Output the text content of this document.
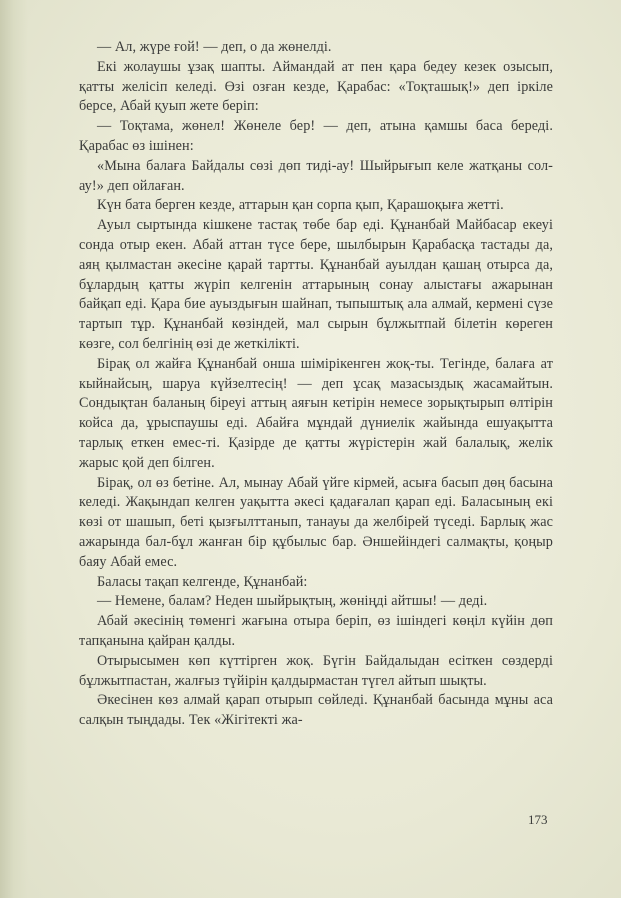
— Ал, жүре ғой! — деп, о да жөнелді.

Екі жолаушы ұзақ шапты. Аймандай ат пен қара бедеу кезек озысып, қатты желісіп келеді. Өзі озған кезде, Қарабас: «Тоқташық!» деп іркіле берсе, Абай қуып жете беріп:

— Тоқтама, жөнел! Жөнеле бер! — деп, атына қамшы баса береді. Қарабас өз ішінен:

«Мына балаға Байдалы сөзі дөп тиді-ау! Шыйрығып келе жатқаны сол-ау!» деп ойлаған.

Күн бата берген кезде, аттарын қан сорпа қып, Қарашоқыға жетті.

Ауыл сыртында кішкене тастақ төбе бар еді. Құнанбай Майбасар екеуі сонда отыр екен. Абай аттан түсе бере, шылбырын Қарабасқа тастады да, аяң қылмастан әкесіне қарай тартты. Құнанбай ауылдан қашаң отырса да, бұлардың қатты жүріп келгенін аттарының сонау алыстағы ажарынан байқап еді. Қара бие ауыздығын шайнап, тыпыштық ала алмай, кермені сүзе тартып тұр. Құнанбай көзіндей, мал сырын бұлжытпай білетін көреген көзге, сол белгінің өзі де жеткілікті.

Бірақ ол жайға Құнанбай онша шімірікенген жоқ-ты. Тегінде, балаға ат кыйнайсың, шаруа күйзелтесің! — деп ұсақ мазасыздық жасамайтын. Сондықтан баланың біреуі аттың аяғын кетірін немесе зорықтырып өлтірін койса да, ұрыспаушы еді. Абайға мұндай дүниелік жайында ешуақытта тарлық еткен емес-ті. Қазірде де қатты жүрістерін жай балалық, желік жарыс қой деп білген.

Бірақ, ол өз бетіне. Ал, мынау Абай үйге кірмей, асыға басып дөң басына келеді. Жақындап келген уақытта әкесі қадағалап қарап еді. Баласының екі көзі от шашып, беті қызғылттанып, танауы да желбірей түседі. Барлық жас ажарында бал-бұл жанған бір құбылыс бар. Әншейіндегі салмақты, қоңыр баяу Абай емес.

Баласы тақап келгенде, Құнанбай:

— Немене, балам? Неден шыйрықтың, жөніңді айтшы! — деді.

Абай әкесінің төменгі жағына отыра беріп, өз ішіндегі көңіл күйін дөп тапқанына қайран қалды.

Отырысымен көп күттірген жоқ. Бүгін Байдалыдан есіткен сөздерді бұлжытпастан, жалғыз түйірін қалдырмастан түгел айтып шықты.

Әкесінен көз алмай қарап отырып сөйледі. Құнанбай басында мұны аса салқын тыңдады. Тек «Жігітекті жа-

173
